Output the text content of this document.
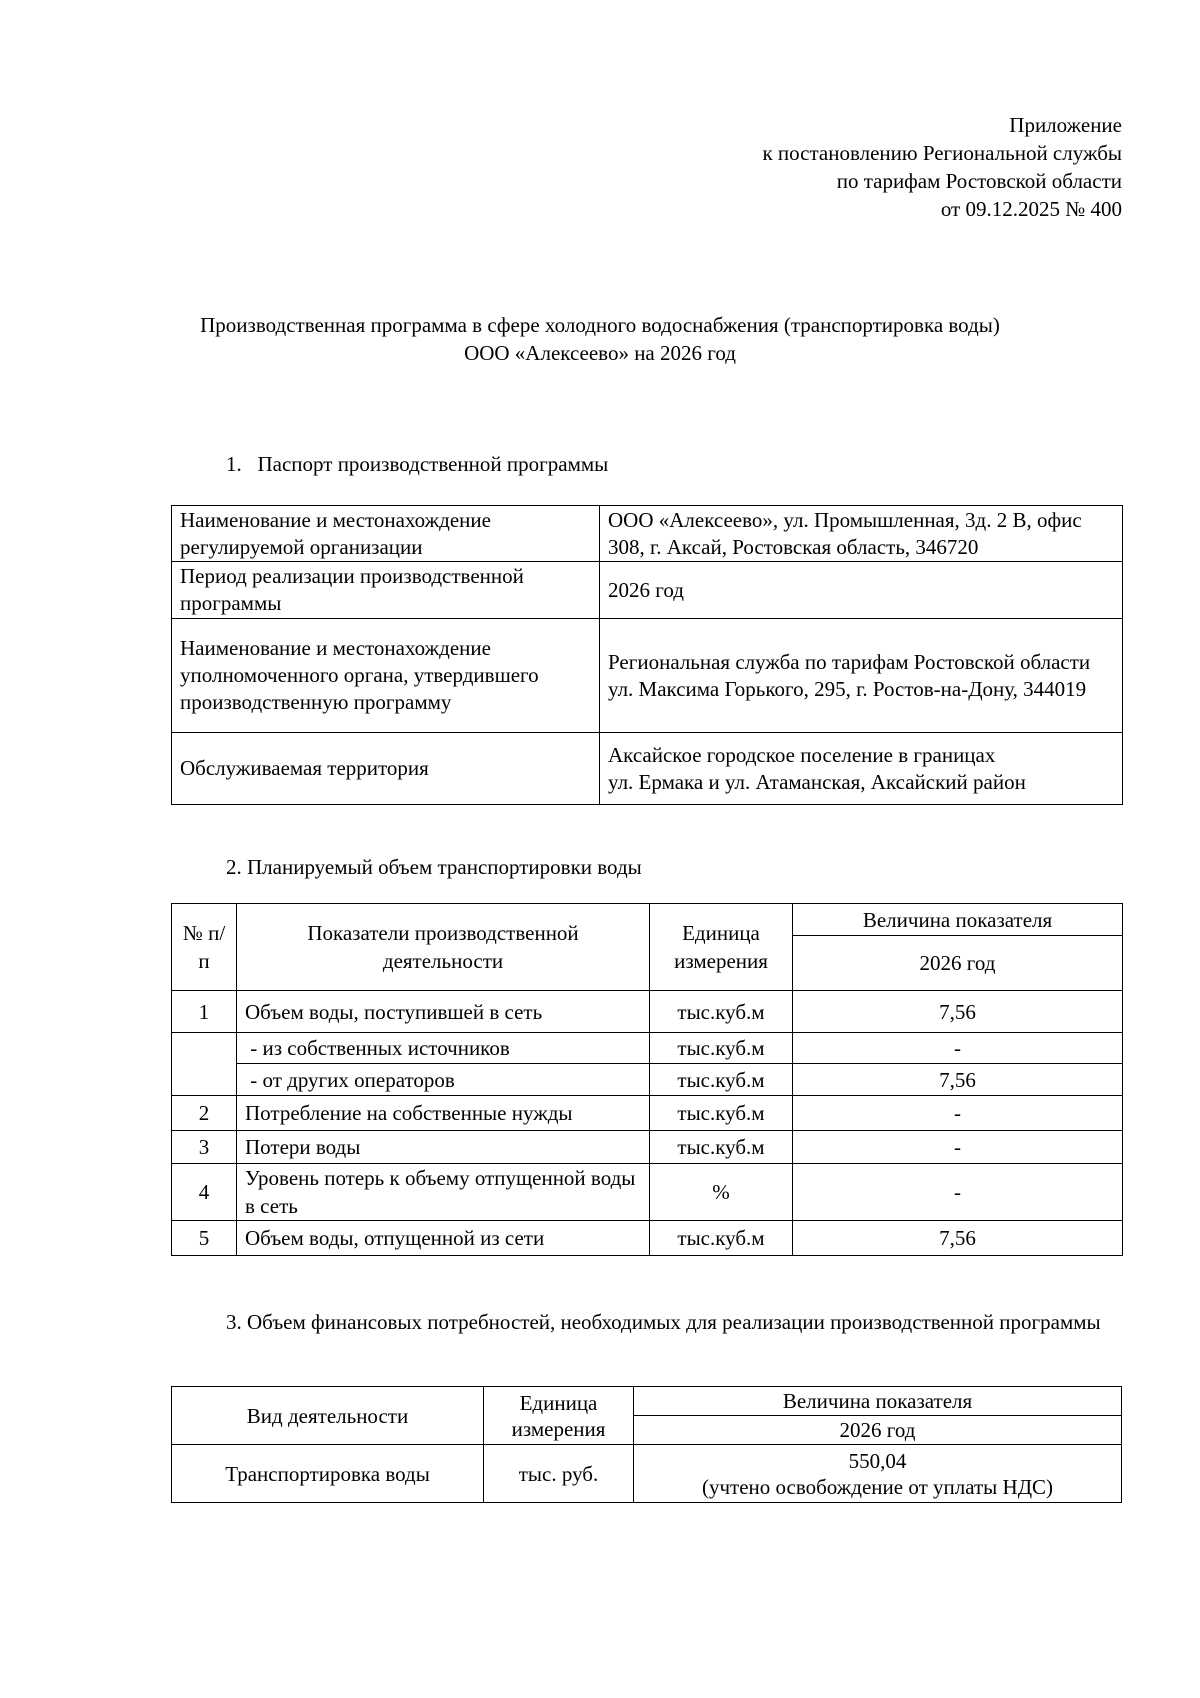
Приложение
к постановлению Региональной службы
по тарифам Ростовской области
от 09.12.2025 № 400
Производственная программа в сфере холодного водоснабжения (транспортировка воды)
ООО «Алексеево» на 2026 год
1.   Паспорт производственной программы
Наименование и местонахождение регулируемой организации	ООО «Алексеево», ул. Промышленная, 3д. 2 В, офис 308, г. Аксай, Ростовская область, 346720
Период реализации производственной программы	2026 год
Наименование и местонахождение уполномоченного органа, утвердившего производственную программу	Региональная служба по тарифам Ростовской области
ул. Максима Горького, 295, г. Ростов-на-Дону, 344019

Обслуживаемая территория	Аксайское городское поселение в границах
ул. Ермака и ул. Атаманская, Аксайский район
2. Планируемый объем транспортировки воды
№ п/п	Показатели производственной деятельности	Единица измерения	Величина показателя
			2026 год
1	Объем воды, поступившей в сеть	тыс.куб.м	7,56
	- из собственных источников	тыс.куб.м	-
	- от других операторов	тыс.куб.м	7,56
2	Потребление на собственные нужды	тыс.куб.м	-
3	Потери воды	тыс.куб.м	-
4	Уровень потерь к объему отпущенной воды в сеть	%	-
5	Объем воды, отпущенной из сети	тыс.куб.м	7,56
3. Объем финансовых потребностей, необходимых для реализации производственной программы
Вид деятельности	Единица измерения	Величина показателя
		2026 год
Транспортировка воды	тыс. руб.	550,04
(учтено освобождение от уплаты НДС)
